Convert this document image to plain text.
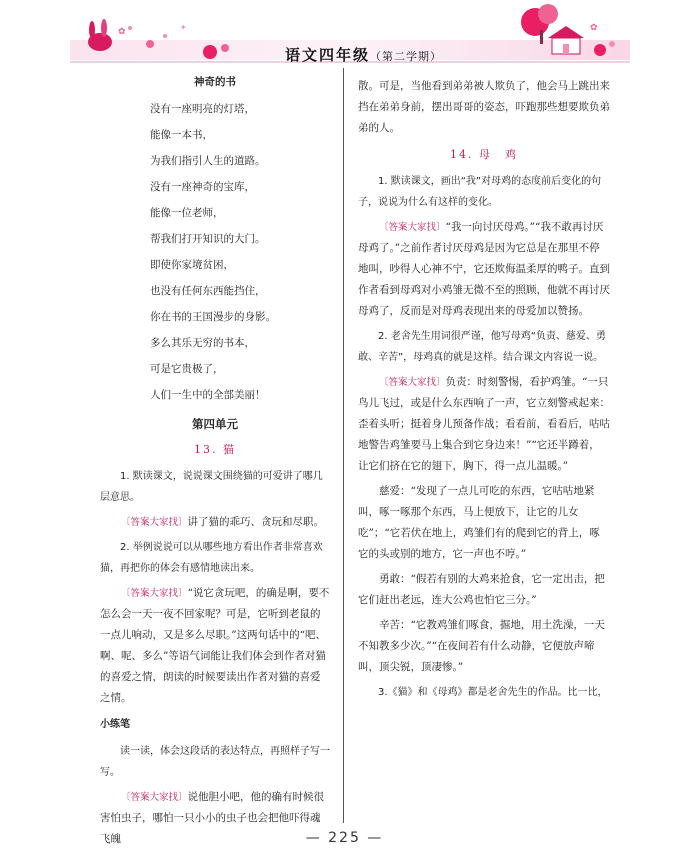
✿	✦	✿
语文四年级（第二学期）
神奇的书
没有一座明亮的灯塔，
能像一本书，
为我们指引人生的道路。
没有一座神奇的宝库，
能像一位老师，
帮我们打开知识的大门。
即使你家境贫困，
也没有任何东西能挡住，
你在书的王国漫步的身影。
多么其乐无穷的书本，
可是它贵极了，
人们一生中的全部美丽！
第四单元
13. 猫
1. 默读课文，说说课文围绕猫的可爱讲了哪几层意思。
〔答案大家找〕讲了猫的乖巧、贪玩和尽职。
2. 举例说说可以从哪些地方看出作者非常喜欢猫，再把你的体会有感情地读出来。
〔答案大家找〕“说它贪玩吧，的确是啊，要不怎么会一天一夜不回家呢？可是，它听到老鼠的一点儿响动，又是多么尽职。”这两句话中的“吧、啊、呢、多么”等语气词能让我们体会到作者对猫的喜爱之情，朗读的时候要读出作者对猫的喜爱之情。
小练笔
读一读，体会这段话的表达特点，再照样子写一写。
〔答案大家找〕说他胆小吧，他的确有时候很害怕虫子，哪怕一只小小的虫子也会把他吓得魂飞魄
散。可是，当他看到弟弟被人欺负了，他会马上跳出来挡在弟弟身前，摆出哥哥的姿态，吓跑那些想要欺负弟弟的人。
14. 母　鸡
1. 默读课文，画出“我”对母鸡的态度前后变化的句子，说说为什么有这样的变化。
〔答案大家找〕“我一向讨厌母鸡。”“我不敢再讨厌母鸡了。”之前作者讨厌母鸡是因为它总是在那里不停地叫，吵得人心神不宁，它还欺侮温柔厚的鸭子。直到作者看到母鸡对小鸡雏无微不至的照顾，他就不再讨厌母鸡了，反而是对母鸡表现出来的母爱加以赞扬。
2. 老舍先生用词很严谨，他写母鸡“负责、慈爱、勇敢、辛苦”，母鸡真的就是这样。结合课文内容说一说。
〔答案大家找〕负责：时刻警惕，看护鸡雏。“一只鸟儿飞过，或是什么东西响了一声，它立刻警戒起来：歪着头听；挺着身儿预备作战；看看前，看看后，咕咕地警告鸡雏要马上集合到它身边来！”“它还半蹲着，让它们挤在它的翅下，胸下，得一点儿温暖。”
慈爱：“发现了一点儿可吃的东西，它咕咕地紧叫，啄一啄那个东西，马上便放下，让它的儿女吃”；“它若伏在地上，鸡雏们有的爬到它的背上，啄它的头或别的地方，它一声也不哼。”
勇敢：“假若有别的大鸡来抢食，它一定出击，把它们赶出老远，连大公鸡也怕它三分。”
辛苦：“它教鸡雏们啄食，掘地，用土洗澡，一天不知教多少次。”“在夜间若有什么动静，它便放声啼叫，顶尖锐，顶凄惨。”
3.《猫》和《母鸡》都是老舍先生的作品。比一比，
— 225 —
